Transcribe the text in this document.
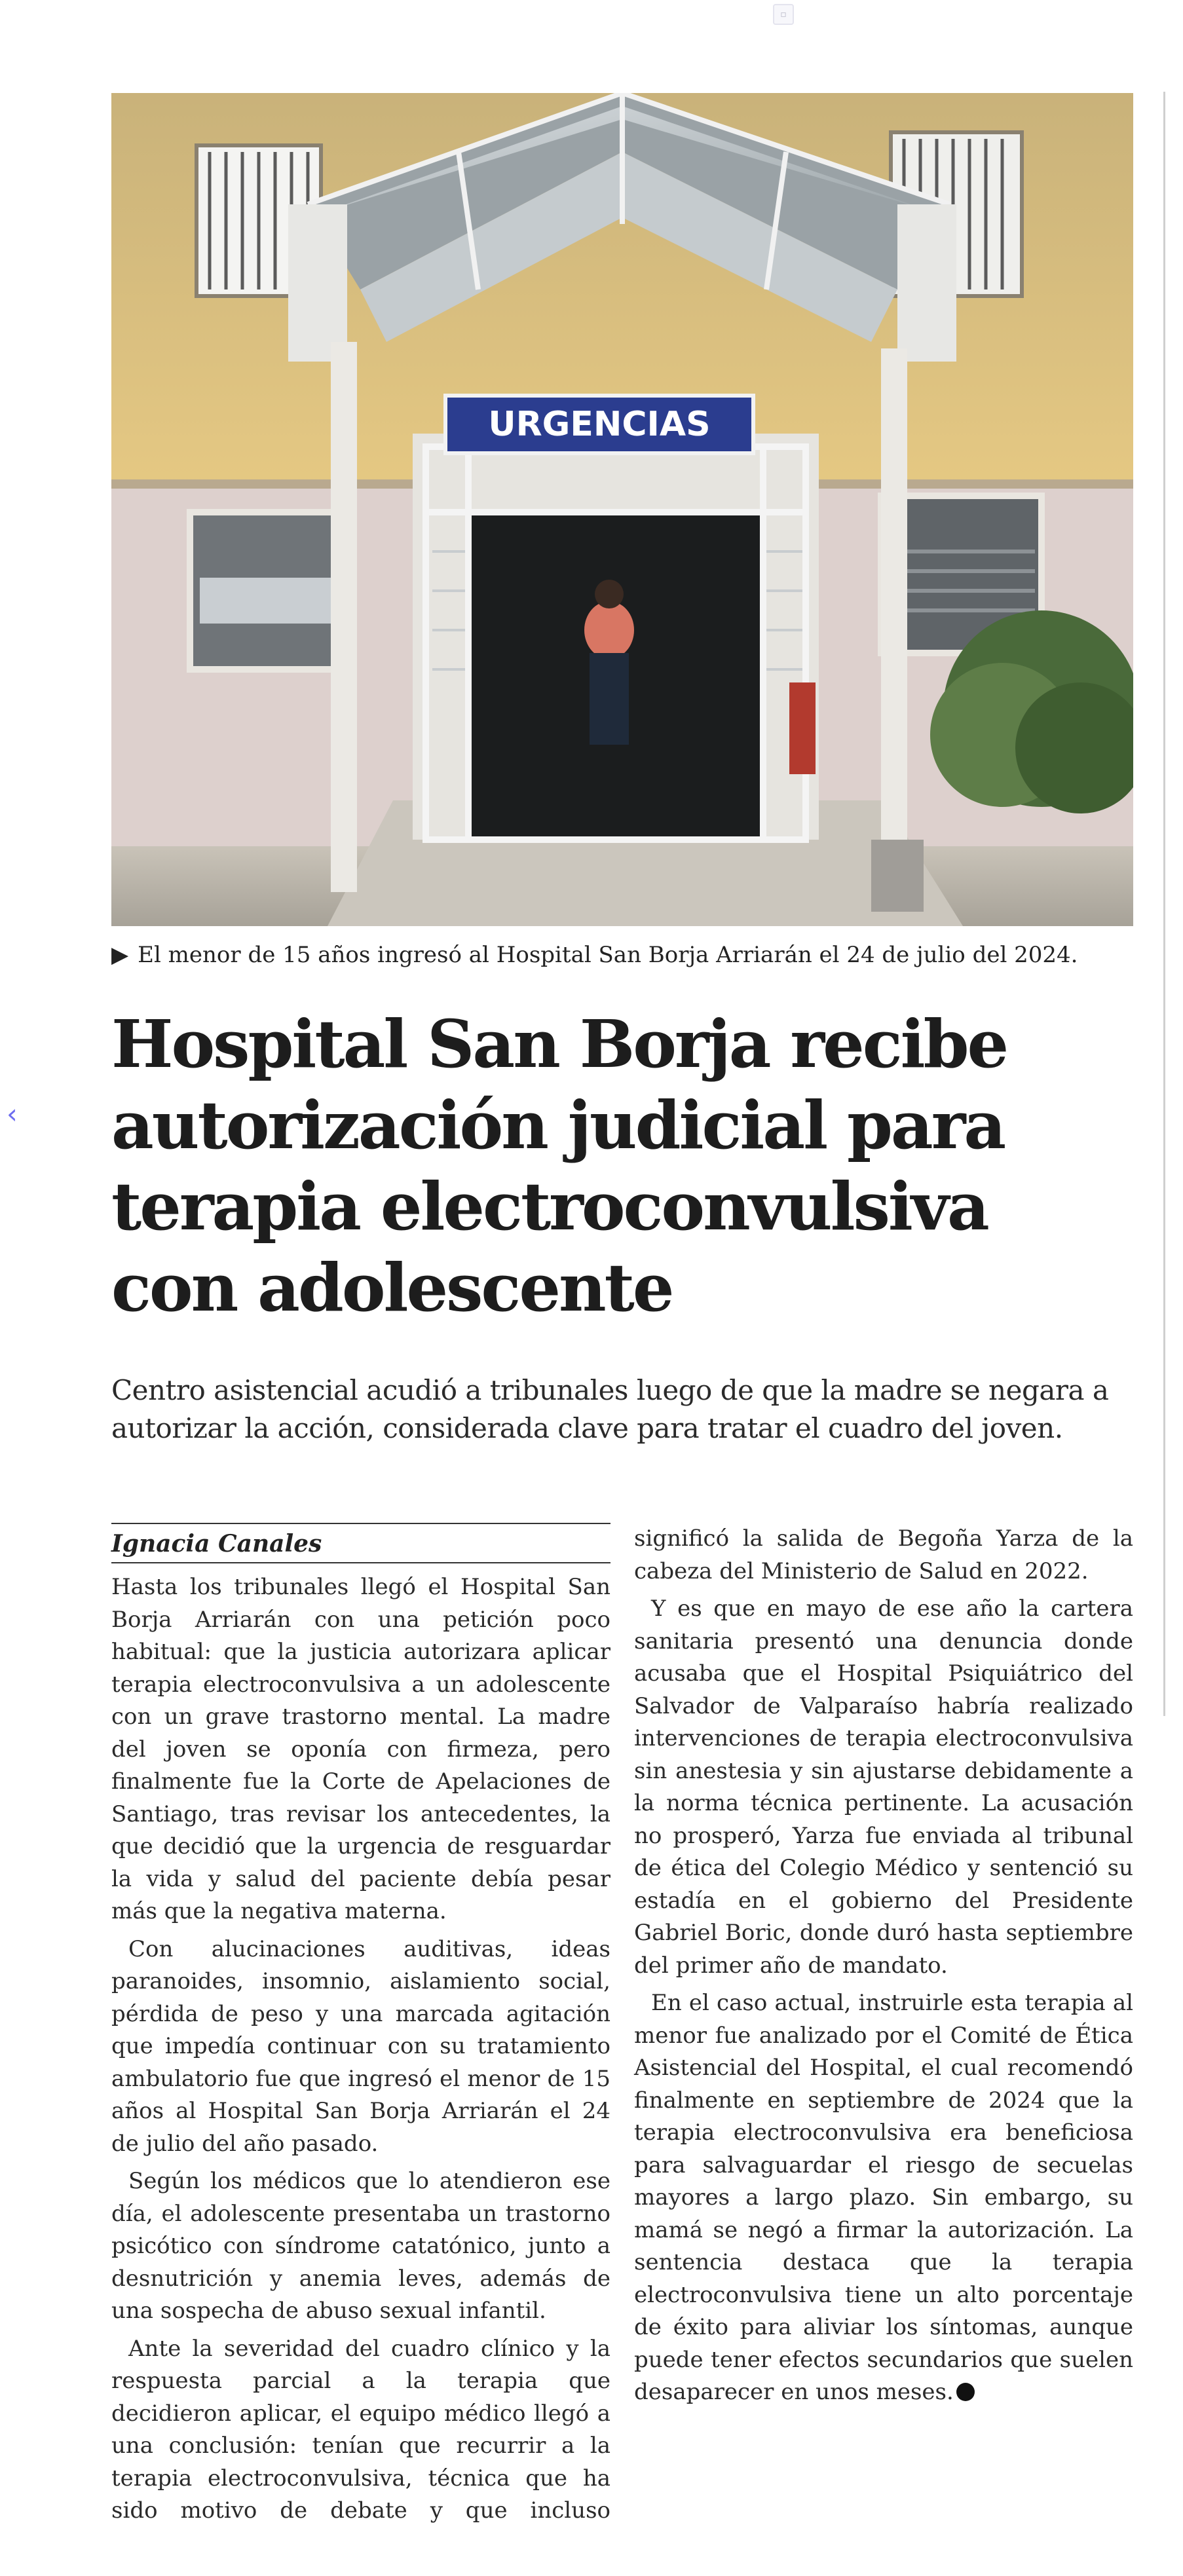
▫
‹
URGENCIAS
▶ El menor de 15 años ingresó al Hospital San Borja Arriarán el 24 de julio del 2024.
Hospital San Borja recibe autorización judicial para terapia electroconvulsiva con adolescente
Centro asistencial acudió a tribunales luego de que la madre se negara a autorizar la acción, considerada clave para tratar el cuadro del joven.
Ignacia Canales

Hasta los tribunales llegó el Hospital San Borja Arriarán con una petición poco habitual: que la justicia autorizara aplicar terapia electroconvulsiva a un adolescente con un grave trastorno mental. La madre del joven se oponía con firmeza, pero finalmente fue la Corte de Apelaciones de Santiago, tras revisar los antecedentes, la que decidió que la urgencia de resguardar la vida y salud del paciente debía pesar más que la negativa materna.

Con alucinaciones auditivas, ideas paranoides, insomnio, aislamiento social, pérdida de peso y una marcada agitación que impedía continuar con su tratamiento ambulatorio fue que ingresó el menor de 15 años al Hospital San Borja Arriarán el 24 de julio del año pasado.

Según los médicos que lo atendieron ese día, el adolescente presentaba un trastorno psicótico con síndrome catatónico, junto a desnutrición y anemia leves, además de una sospecha de abuso sexual infantil.

Ante la severidad del cuadro clínico y la respuesta parcial a la terapia que decidieron aplicar, el equipo médico llegó a una conclusión: tenían que recurrir a la terapia electroconvulsiva, técnica que ha sido motivo de debate y que incluso significó la salida de Begoña Yarza de la cabeza del Ministerio de Salud en 2022.

Y es que en mayo de ese año la cartera sanitaria presentó una denuncia donde acusaba que el Hospital Psiquiátrico del Salvador de Valparaíso habría realizado intervenciones de terapia electroconvulsiva sin anestesia y sin ajustarse debidamente a la norma técnica pertinente. La acusación no prosperó, Yarza fue enviada al tribunal de ética del Colegio Médico y sentenció su estadía en el gobierno del Presidente Gabriel Boric, donde duró hasta septiembre del primer año de mandato.

En el caso actual, instruirle esta terapia al menor fue analizado por el Comité de Ética Asistencial del Hospital, el cual recomendó finalmente en septiembre de 2024 que la terapia electroconvulsiva era beneficiosa para salvaguardar el riesgo de secuelas mayores a largo plazo. Sin embargo, su mamá se negó a firmar la autorización. La sentencia destaca que la terapia electroconvulsiva tiene un alto porcentaje de éxito para aliviar los síntomas, aunque puede tener efectos secundarios que suelen desaparecer en unos meses.
